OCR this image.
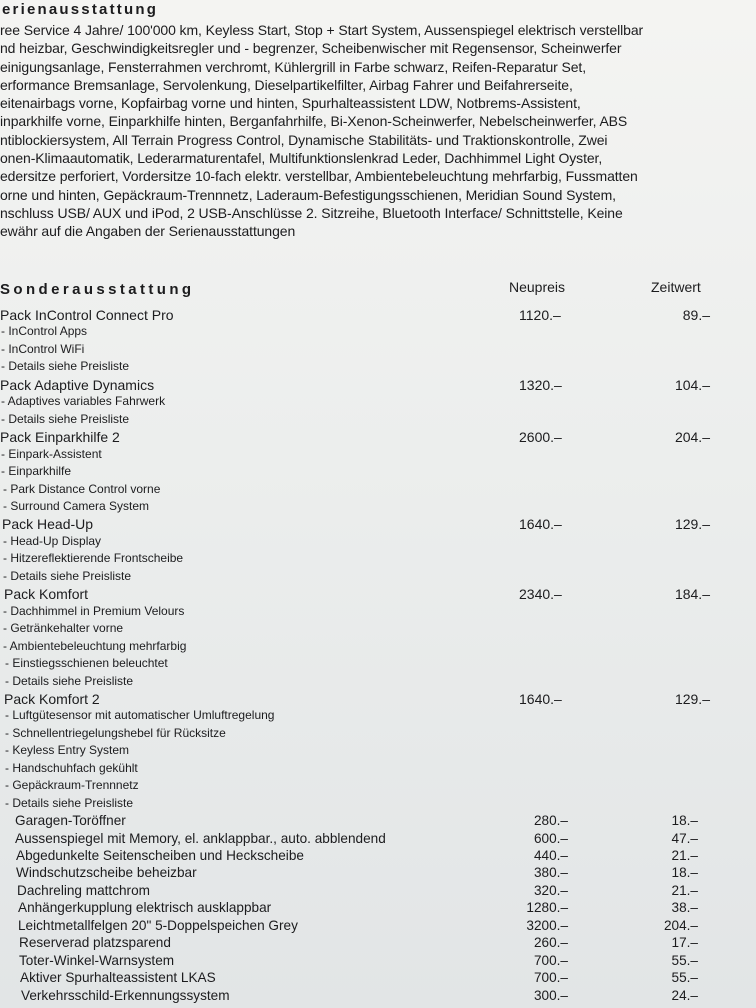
erienausstattung
ree Service 4 Jahre/ 100'000 km, Keyless Start, Stop + Start System, Aussenspiegel elektrisch verstellbar
nd heizbar, Geschwindigkeitsregler und - begrenzer, Scheibenwischer mit Regensensor, Scheinwerfer
einigungsanlage, Fensterrahmen verchromt, Kühlergrill in Farbe schwarz, Reifen-Reparatur Set,
erformance Bremsanlage, Servolenkung, Dieselpartikelfilter, Airbag Fahrer und Beifahrerseite,
eitenairbags vorne, Kopfairbag vorne und hinten, Spurhalteassistent LDW, Notbrems-Assistent,
inparkhilfe vorne, Einparkhilfe hinten, Berganfahrhilfe, Bi-Xenon-Scheinwerfer, Nebelscheinwerfer, ABS
ntiblockiersystem, All Terrain Progress Control, Dynamische Stabilitäts- und Traktionskontrolle, Zwei
onen-Klimaautomatik, Lederarmaturentafel, Multifunktionslenkrad Leder, Dachhimmel Light Oyster,
edersitze perforiert, Vordersitze 10-fach elektr. verstellbar, Ambientebeleuchtung mehrfarbig, Fussmatten
orne und hinten, Gepäckraum-Trennnetz, Laderaum-Befestigungsschienen, Meridian Sound System,
nschluss USB/ AUX und iPod, 2 USB-Anschlüsse 2. Sitzreihe, Bluetooth Interface/ Schnittstelle, Keine
ewähr auf die Angaben der Serienausstattungen
Sonderausstattung	Neupreis	Zeitwert
Pack InControl Connect Pro	1120.–	89.–
- InControl Apps
- InControl WiFi
- Details siehe Preisliste
Pack Adaptive Dynamics	1320.–	104.–
- Adaptives variables Fahrwerk
- Details siehe Preisliste
Pack Einparkhilfe 2	2600.–	204.–
- Einpark-Assistent
- Einparkhilfe
- Park Distance Control vorne
- Surround Camera System
Pack Head-Up	1640.–	129.–
- Head-Up Display
- Hitzereflektierende Frontscheibe
- Details siehe Preisliste
Pack Komfort	2340.–	184.–
- Dachhimmel in Premium Velours
- Getränkehalter vorne
- Ambientebeleuchtung mehrfarbig
- Einstiegsschienen beleuchtet
- Details siehe Preisliste
Pack Komfort 2	1640.–	129.–
- Luftgütesensor mit automatischer Umluftregelung
- Schnellentriegelungshebel für Rücksitze
- Keyless Entry System
- Handschuhfach gekühlt
- Gepäckraum-Trennnetz
- Details siehe Preisliste
Garagen-Toröffner	280.–	18.–
Aussenspiegel mit Memory, el. anklappbar., auto. abblendend	600.–	47.–
Abgedunkelte Seitenscheiben und Heckscheibe	440.–	21.–
Windschutzscheibe beheizbar	380.–	18.–
Dachreling mattchrom	320.–	21.–
Anhängerkupplung elektrisch ausklappbar	1280.–	38.–
Leichtmetallfelgen 20" 5-Doppelspeichen Grey	3200.–	204.–
Reserverad platzsparend	260.–	17.–
Toter-Winkel-Warnsystem	700.–	55.–
Aktiver Spurhalteassistent LKAS	700.–	55.–
Verkehrsschild-Erkennungssystem	300.–	24.–
